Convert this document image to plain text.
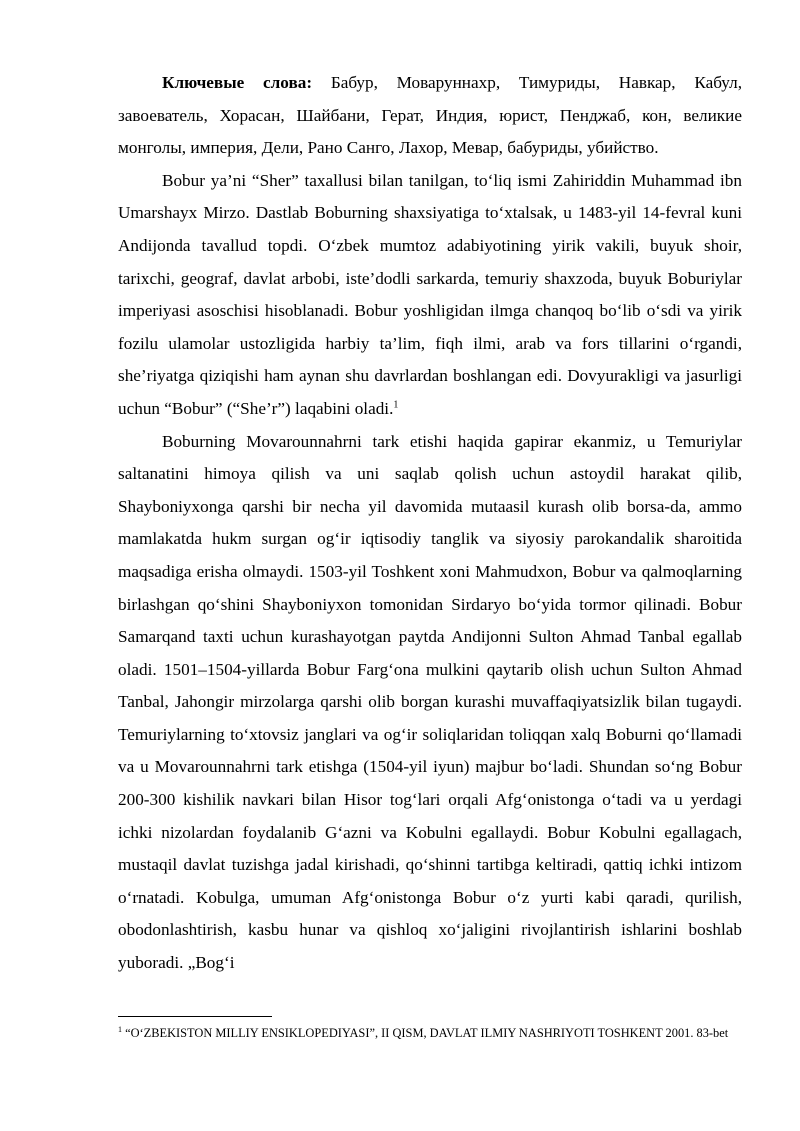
Ключевые слова: Бабур, Моваруннахр, Тимуриды, Навкар, Кабул, завоеватель, Хорасан, Шайбани, Герат, Индия, юрист, Пенджаб, кон, великие монголы, империя, Дели, Рано Санго, Лахор, Мевар, бабуриды, убийство.

Bobur ya’ni “Sher” taxallusi bilan tanilgan, to‘liq ismi Zahiriddin Muhammad ibn Umarshayx Mirzo. Dastlab Boburning shaxsiyatiga to‘xtalsak, u 1483-yil 14-fevral kuni Andijonda tavallud topdi. O‘zbek mumtoz adabiyotining yirik vakili, buyuk shoir, tarixchi, geograf, davlat arbobi, iste’dodli sarkarda, temuriy shaxzoda, buyuk Boburiylar imperiyasi asoschisi hisoblanadi. Bobur yoshligidan ilmga chanqoq bo‘lib o‘sdi va yirik fozilu ulamolar ustozligida harbiy ta’lim, fiqh ilmi, arab va fors tillarini o‘rgandi, she’riyatga qiziqishi ham aynan shu davrlardan boshlangan edi. Dovyurakligi va jasurligi uchun “Bobur” (“She’r”) laqabini oladi.$^1$

Boburning Movarounnahrni tark etishi haqida gapirar ekanmiz, u Temuriylar saltanatini himoya qilish va uni saqlab qolish uchun astoydil harakat qilib, Shayboniyxonga qarshi bir necha yil davomida mutaasil kurash olib borsa-da, ammo mamlakatda hukm surgan og‘ir iqtisodiy tanglik va siyosiy parokandalik sharoitida maqsadiga erisha olmaydi. 1503-yil Toshkent xoni Mahmudxon, Bobur va qalmoqlarning birlashgan qo‘shini Shayboniyxon tomonidan Sirdaryo bo‘yida tormor qilinadi. Bobur Samarqand taxti uchun kurashayotgan paytda Andijonni Sulton Ahmad Tanbal egallab oladi. 1501–1504-yillarda Bobur Farg‘ona mulkini qaytarib olish uchun Sulton Ahmad Tanbal, Jahongir mirzolarga qarshi olib borgan kurashi muvaffaqiyatsizlik bilan tugaydi. Temuriylarning to‘xtovsiz janglari va og‘ir soliqlaridan toliqqan xalq Boburni qo‘llamadi va u Movarounnahrni tark etishga (1504-yil iyun) majbur bo‘ladi. Shundan so‘ng Bobur 200-300 kishilik navkari bilan Hisor tog‘lari orqali Afg‘onistonga o‘tadi va u yerdagi ichki nizolardan foydalanib G‘azni va Kobulni egallaydi. Bobur Kobulni egallagach, mustaqil davlat tuzishga jadal kirishadi, qo‘shinni tartibga keltiradi, qattiq ichki intizom o‘rnatadi. Kobulga, umuman Afg‘onistonga Bobur o‘z yurti kabi qaradi, qurilish, obodonlashtirish, kasbu hunar va qishloq xo‘jaligini rivojlantirish ishlarini boshlab yuboradi. „Bog‘i

$^1$ “O‘ZBEKISTON MILLIY ENSIKLOPEDIYASI”, II QISM, DAVLAT ILMIY NASHRIYOTI TOSHKENT 2001. 83-bet
